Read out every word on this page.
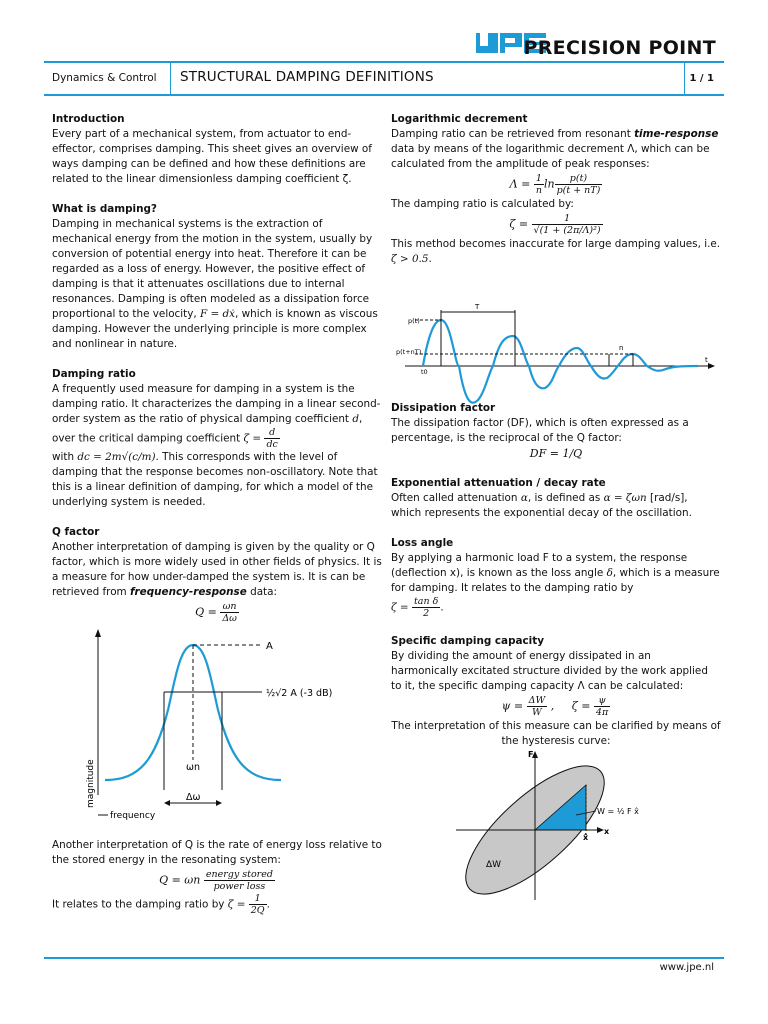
PRECISION POINT
Dynamics & Control STRUCTURAL DAMPING DEFINITIONS	1 / 1
Introduction

Every part of a mechanical system, from actuator to end-effector, comprises damping. This sheet gives an overview of ways damping can be defined and how these definitions are related to the linear dimensionless damping coefficient ζ.

What is damping?

Damping in mechanical systems is the extraction of mechanical energy from the motion in the system, usually by conversion of potential energy into heat. Therefore it can be regarded as a loss of energy. However, the positive effect of damping is that it attenuates oscillations due to internal resonances. Damping is often modeled as a dissipation force proportional to the velocity, F = dẋ, which is known as viscous damping. However the underlying principle is more complex and nonlinear in nature.

Damping ratio

A frequently used measure for damping in a system is the damping ratio. It characterizes the damping in a linear second-order system as the ratio of physical damping coefficient d, over the critical damping coefficient $\zeta = \frac{d}{dc}$

with dc = 2m√(c/m). This corresponds with the level of damping that the response becomes non-oscillatory. Note that this is a linear definition of damping, for which a model of the underlying system is needed.

Q factor

Another interpretation of damping is given by the quality or Q factor, which is more widely used in other fields of physics. It is a measure for how under-damped the system is. It is can be retrieved from frequency-response data:

$Q = \frac{\omega n}{\Delta\omega}$
A
½√2 A (-3 dB)
ωn
Δω
magnitude
frequency

Another interpretation of Q is the rate of energy loss relative to the stored energy in the resonating system:

Q = ωn $\frac{\text{energy stored}}{\text{power loss}}$

It relates to the damping ratio by $\zeta = \frac{1}{2Q}$ .

Logarithmic decrement

Damping ratio can be retrieved from resonant time-response data by means of the logarithmic decrement Λ, which can be calculated from the amplitude of peak responses:

$\Lambda = \frac{1}{n}$ $\ln \frac{p(t)}{p(t + nT)}$

The damping ratio is calculated by:

$\zeta = \frac{1}{\text{√(1 + (2π/Λ)²)}}$

This method becomes inaccurate for large damping values, i.e. ζ > 0.5.

T
p(t)
p(t+nT)	n
t
t0
Dissipation factor

The dissipation factor (DF), which is often expressed as a percentage, is the reciprocal of the Q factor:

DF = 1/Q
Exponential attenuation / decay rate

Often called attenuation α, is defined as α = ζωn [rad/s], which represents the exponential decay of the oscillation.

Loss angle

By applying a harmonic load F to a system, the response (deflection x), is known as the loss angle δ, which is a measure for damping. It relates to the damping ratio by
$\zeta = \frac{\text{tan δ}}{2}$ .

Specific damping capacity

By dividing the amount of energy dissipated in an harmonically excitated structure divided by the work applied to it, the specific damping capacity Λ can be calculated:

$\psi = \frac{\Delta W}{W}$ ,     $\zeta = \frac{\psi}{4\pi}$

The interpretation of this measure can be clarified by means of the hysteresis curve:

F
x
x̂
W = ½ F x̂
ΔW
www.jpe.nl
